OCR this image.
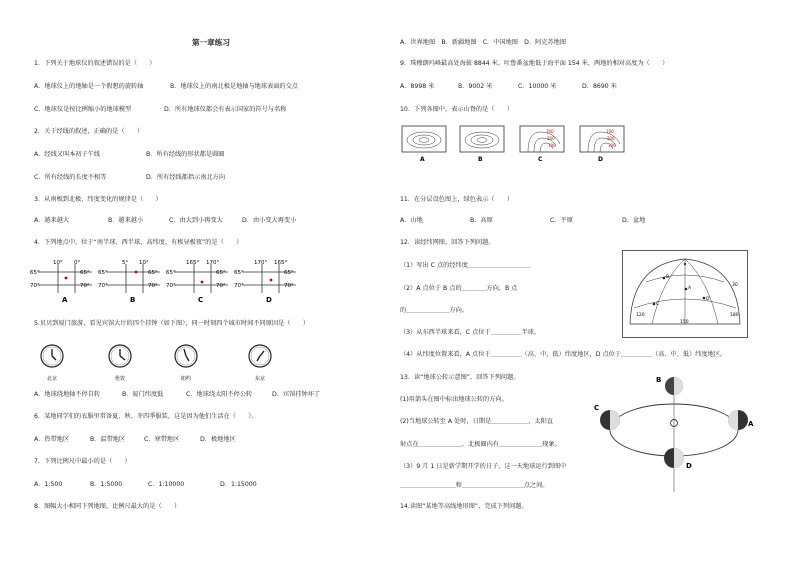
第一章练习
1．下列关于地球仪的叙述错误的是（　　）
A．地球仪上的地轴是一个假想的旋转轴	B．地球仪上的南北极是地轴与地球表面的交点
C．地球仪是按比例缩小的地球模型	D．所有地球仪都会有表示国家的符号与名称
2．关于经线的叙述，正确的是（　　）
A．经线又叫本初子午线	B．所有经线的形状都是圆圈
C．所有经线的长度不相等	D．所有经线都指示南北方向
3．从南极到北极，纬度变化的规律是（　　）
A．越来越大	B．越来越小	C．由大到小再变大	D．由小变大再变小
4．下列地点中，位于“南半球、西半球、高纬度、有极昼极夜”的是（　　）
10° 0°
65°
70°
65°
70°
A
5° 10°
65°
70°
65°
70°
B
165° 170°
65°
70°
65°
70°
C
170° 165°
65°
70°
65°
70°
D
5.贝贝到厦门旅游，看见宾馆大厅的四个挂钟（如下图），同一时刻四个城市时间不同原因是（　　）
北京	伦敦	纽约	东京
A．地球绕地轴不停自转	B．厦门纬度低	C．地球绕太阳不停公转	D．宾馆挂钟坏了
6．某地同学们的衣服里常备夏、秋、冬四季服装，这是因为他们生活在（　　）。
A．热带地区	B．温带地区	C．寒带地区	D．极地地区
7．下列比例尺中最小的是（　　）
A．1:500	B．1:5000	C．1:10000	D．1:15000
8．图幅大小相同下列地图，比例尺最大的是（　　）
A．世界地图　B．新疆地图　C．中国地图　D．阿克苏地图
9．珠穆朗玛峰最高处海拔 8844 米，吐鲁番盆地低于海平面 154 米，两地的相对高度为（　　）
A．8998 米	B．9002 米	C．10000 米	D．8690 米
10．下列各图中，表示山脊的是（　　）
A	B
300
200
100
C
100
200
300
D
11．在分层设色图上，绿色表示（　　）
A．山地	B．高原	C．平原	D．盆地
12．读经纬网图，回答下列问题。
（1）写出 C 点的经纬度＿＿＿＿＿＿＿＿＿＿
（2）A 点位于 B 点的＿＿＿＿方向，B 点
的＿＿＿＿＿＿＿方向。
（3）从东西半球来看，C 点位于＿＿＿＿＿半球。
（4）从纬度位置来看，A 点位于＿＿＿＿＿（高、中、低）纬度地区，D 点位于＿＿＿＿＿（高、中、低）纬度地区。
A
B
C
D
120
150
180
30
13．读“地球公转示意图”，回答下列问题。
(1)用箭头在图中标出地球公转的方向。
(2)当地球公转至 A 处时，日期是＿＿＿＿＿＿，太阳直
射点在＿＿＿＿＿＿＿，北极圈内有＿＿＿＿＿＿＿现象。
（3）9 月 1 日是新学期开学的日子，这一天地球运行到图中
＿＿＿＿＿＿＿＿＿和＿＿＿＿＿＿＿＿＿＿点之间。
14.读图“某地等高线地形图”，完成下列问题。
B
A
C
D
